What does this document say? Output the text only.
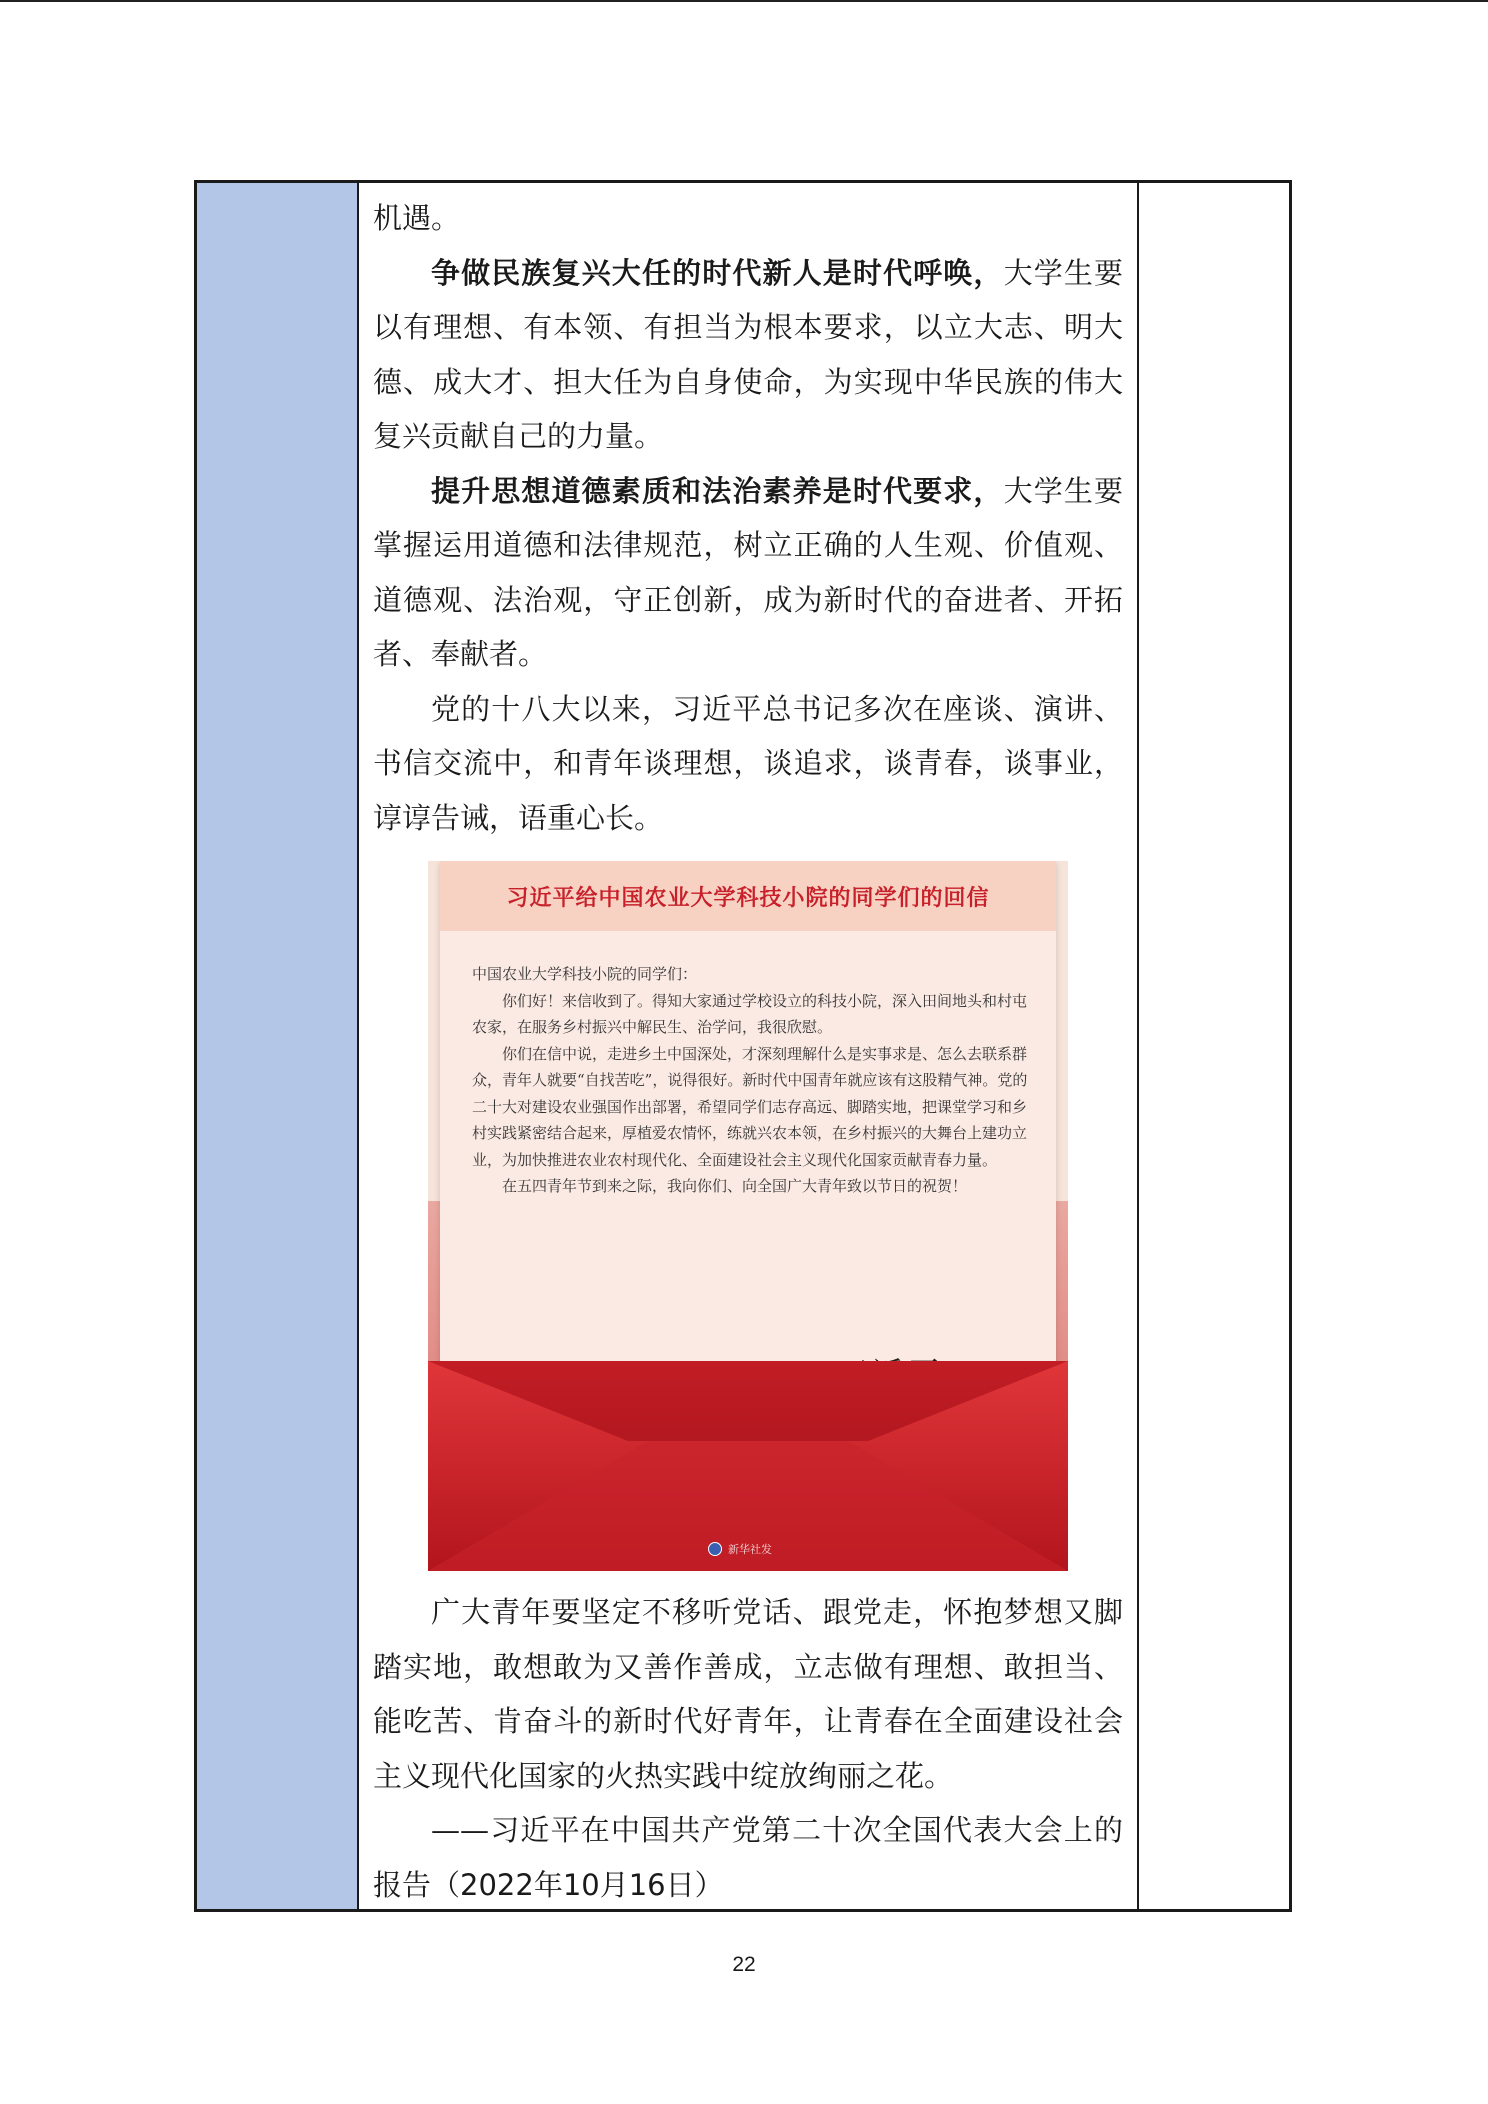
机遇。

争做民族复兴大任的时代新人是时代呼唤，大学生要以有理想、有本领、有担当为根本要求，以立大志、明大德、成大才、担大任为自身使命，为实现中华民族的伟大复兴贡献自己的力量。

提升思想道德素质和法治素养是时代要求，大学生要掌握运用道德和法律规范，树立正确的人生观、价值观、道德观、法治观，守正创新，成为新时代的奋进者、开拓者、奉献者。

党的十八大以来，习近平总书记多次在座谈、演讲、书信交流中，和青年谈理想，谈追求，谈青春，谈事业，谆谆告诫，语重心长。

习近平给中国农业大学科技小院的同学们的回信

中国农业大学科技小院的同学们：

你们好！来信收到了。得知大家通过学校设立的科技小院，深入田间地头和村屯农家，在服务乡村振兴中解民生、治学问，我很欣慰。

你们在信中说，走进乡土中国深处，才深刻理解什么是实事求是、怎么去联系群众，青年人就要“自找苦吃”，说得很好。新时代中国青年就应该有这股精气神。党的二十大对建设农业强国作出部署，希望同学们志存高远、脚踏实地，把课堂学习和乡村实践紧密结合起来，厚植爱农情怀，练就兴农本领，在乡村振兴的大舞台上建功立业，为加快推进农业农村现代化、全面建设社会主义现代化国家贡献青春力量。

在五四青年节到来之际，我向你们、向全国广大青年致以节日的祝贺！

新华社发

广大青年要坚定不移听党话、跟党走，怀抱梦想又脚踏实地，敢想敢为又善作善成，立志做有理想、敢担当、能吃苦、肯奋斗的新时代好青年，让青春在全面建设社会主义现代化国家的火热实践中绽放绚丽之花。

——习近平在中国共产党第二十次全国代表大会上的报告（2022年10月16日）

22
